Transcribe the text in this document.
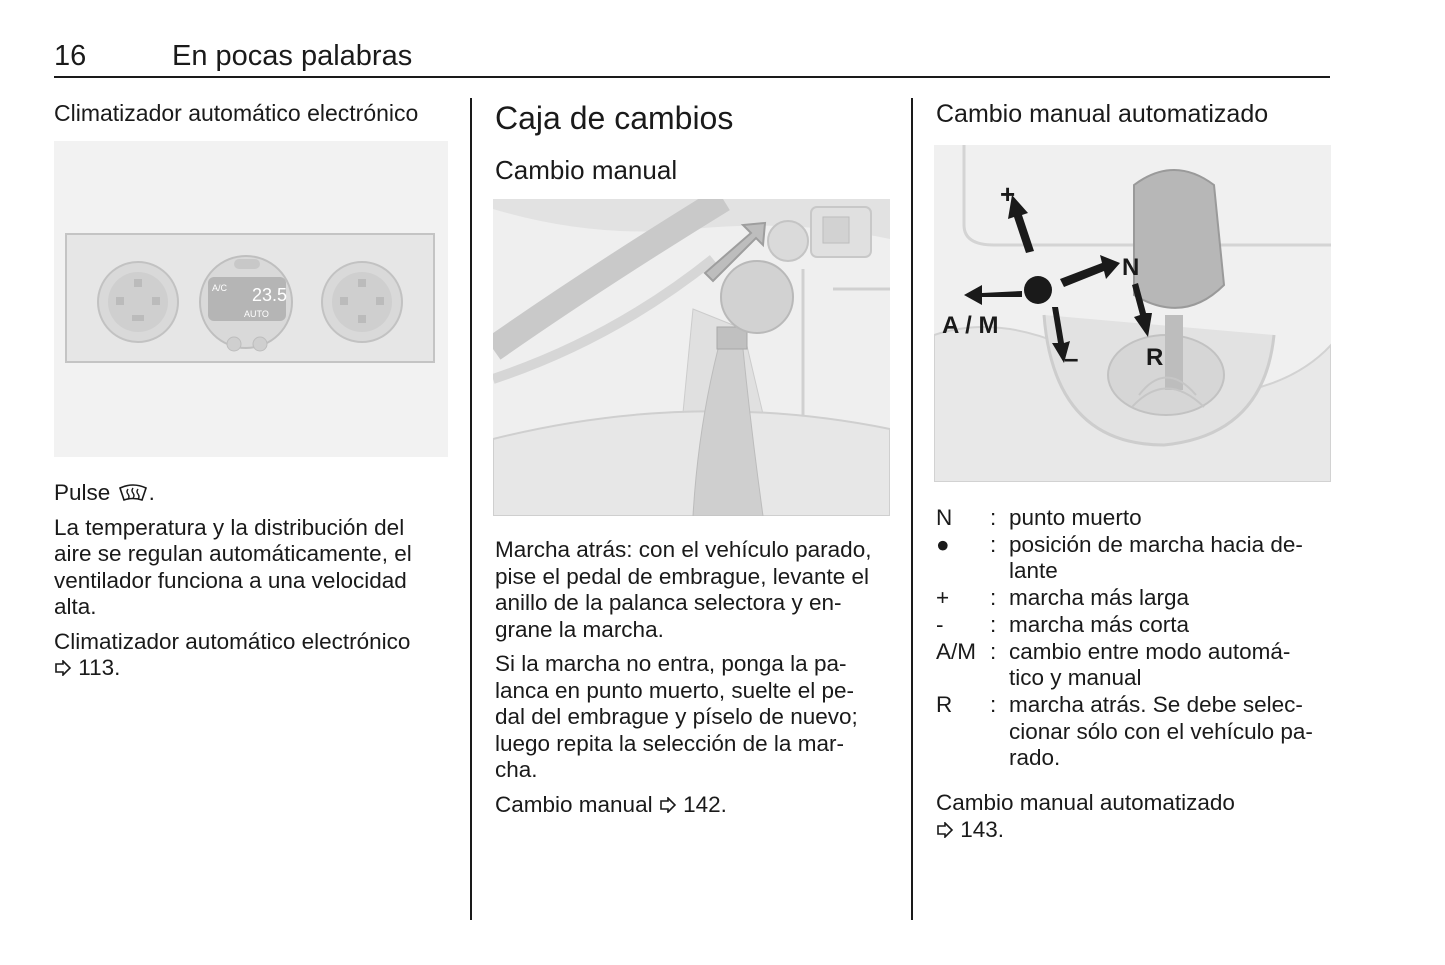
16	En pocas palabras
Climatizador automático electrónico
A/C 23.5
AUTO

Pulse .

La temperatura y la distribución del
aire se regulan automáticamente, el
ventilador funciona a una velocidad
alta.

Climatizador automático electrónico
113.

Caja de cambios
Cambio manual

Marcha atrás: con el vehículo parado,
pise el pedal de embrague, levante el
anillo de la palanca selectora y en-
grane la marcha.

Si la marcha no entra, ponga la pa-
lanca en punto muerto, suelte el pe-
dal del embrague y píselo de nuevo;
luego repita la selección de la mar-
cha.

Cambio manual 142.

Cambio manual automatizado
+
–
N
A / M
R
N	: punto muerto
●	: posición de marcha hacia de-
lante
+	: marcha más larga
-	: marcha más corta
A/M : cambio entre modo automá-
tico y manual
R	: marcha atrás. Se debe selec-
cionar sólo con el vehículo pa-
rado.
Cambio manual automatizado
143.
